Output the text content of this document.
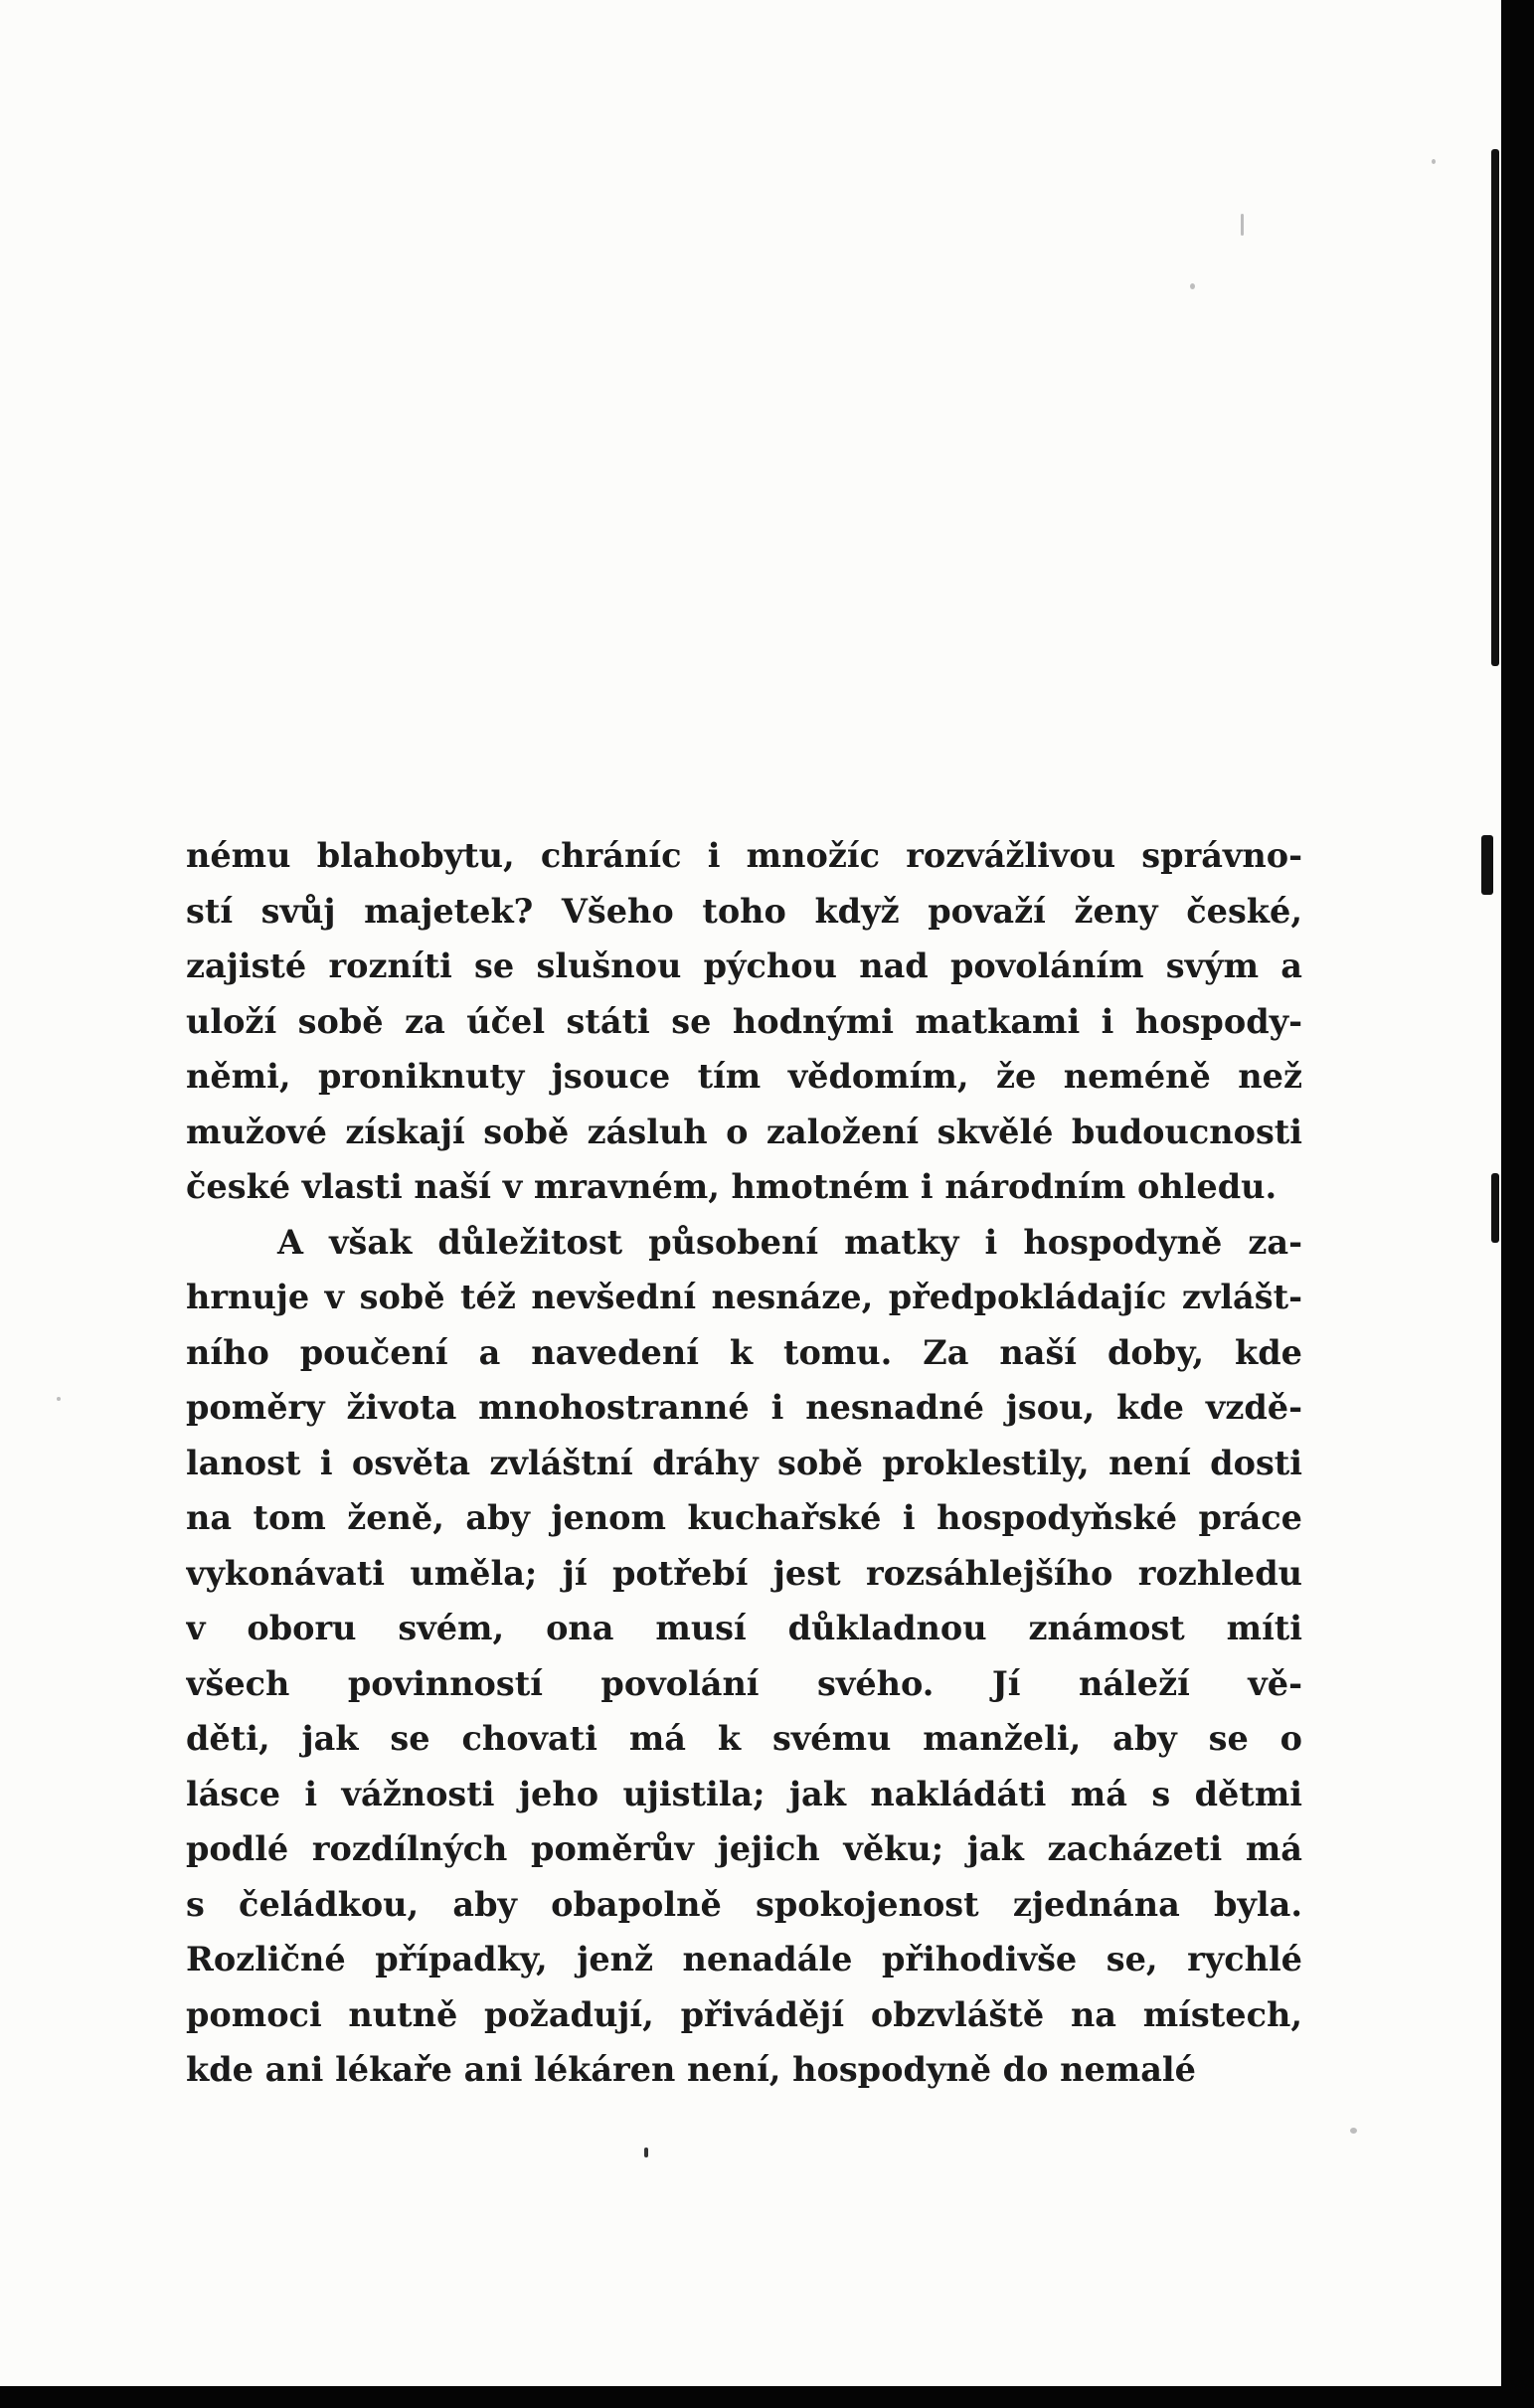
nému blahobytu, chráníc i množíc rozvážlivou správno-
stí svůj majetek? Všeho toho když považí ženy české,
zajisté rozníti se slušnou pýchou nad povoláním svým a
uloží sobě za účel státi se hodnými matkami i hospody-
němi, proniknuty jsouce tím vědomím, že neméně než
mužové získají sobě zásluh o založení skvělé budoucnosti
české vlasti naší v mravném, hmotném i národním ohledu.
A však důležitost působení matky i hospodyně za-
hrnuje v sobě též nevšední nesnáze, předpokládajíc zvlášt-
ního poučení a navedení k tomu. Za naší doby, kde
poměry života mnohostranné i nesnadné jsou, kde vzdě-
lanost i osvěta zvláštní dráhy sobě proklestily, není dosti
na tom ženě, aby jenom kuchařské i hospodyňské práce
vykonávati uměla; jí potřebí jest rozsáhlejšího rozhledu
v oboru svém, ona musí důkladnou známost míti
všech povinností povolání svého. Jí náleží vě-
děti, jak se chovati má k svému manželi, aby se o
lásce i vážnosti jeho ujistila; jak nakládáti má s dětmi
podlé rozdílných poměrův jejich věku; jak zacházeti má
s čeládkou, aby obapolně spokojenost zjednána byla.
Rozličné případky, jenž nenadále přihodivše se, rychlé
pomoci nutně požadují, přivádějí obzvláště na místech,
kde ani lékaře ani lékáren není, hospodyně do nemalé
